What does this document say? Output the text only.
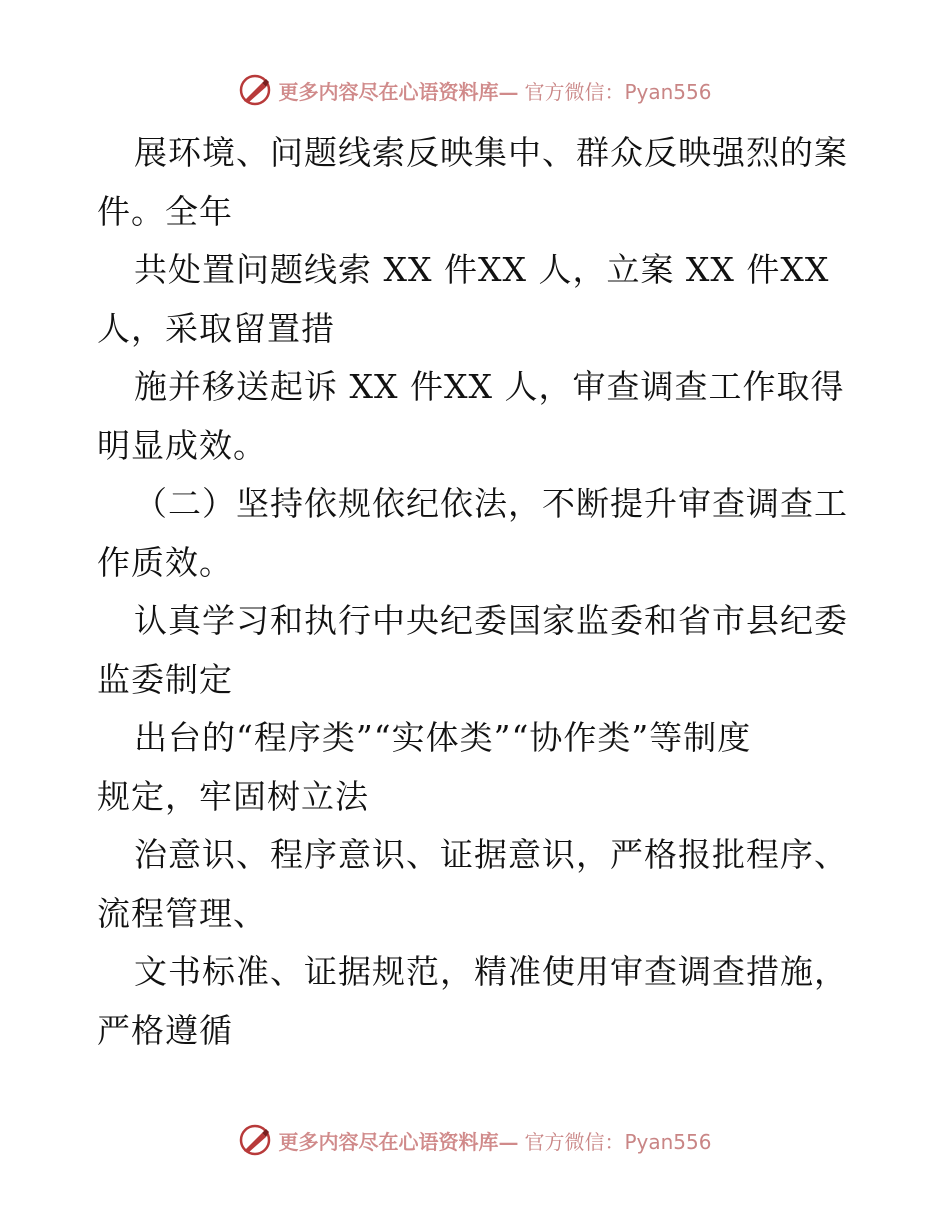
更多内容尽在心语资料库— 官方微信：Pyan556
展环境、问题线索反映集中、群众反映强烈的案
件。全年
共处置问题线索 XX 件XX 人，立案 XX 件XX
人，采取留置措
施并移送起诉 XX 件XX 人，审查调查工作取得
明显成效。
（二）坚持依规依纪依法，不断提升审查调查工
作质效。
认真学习和执行中央纪委国家监委和省市县纪委
监委制定
出台的“程序类”“实体类”“协作类”等制度
规定，牢固树立法
治意识、程序意识、证据意识，严格报批程序、
流程管理、
文书标准、证据规范，精准使用审查调查措施，
严格遵循
更多内容尽在心语资料库— 官方微信：Pyan556
